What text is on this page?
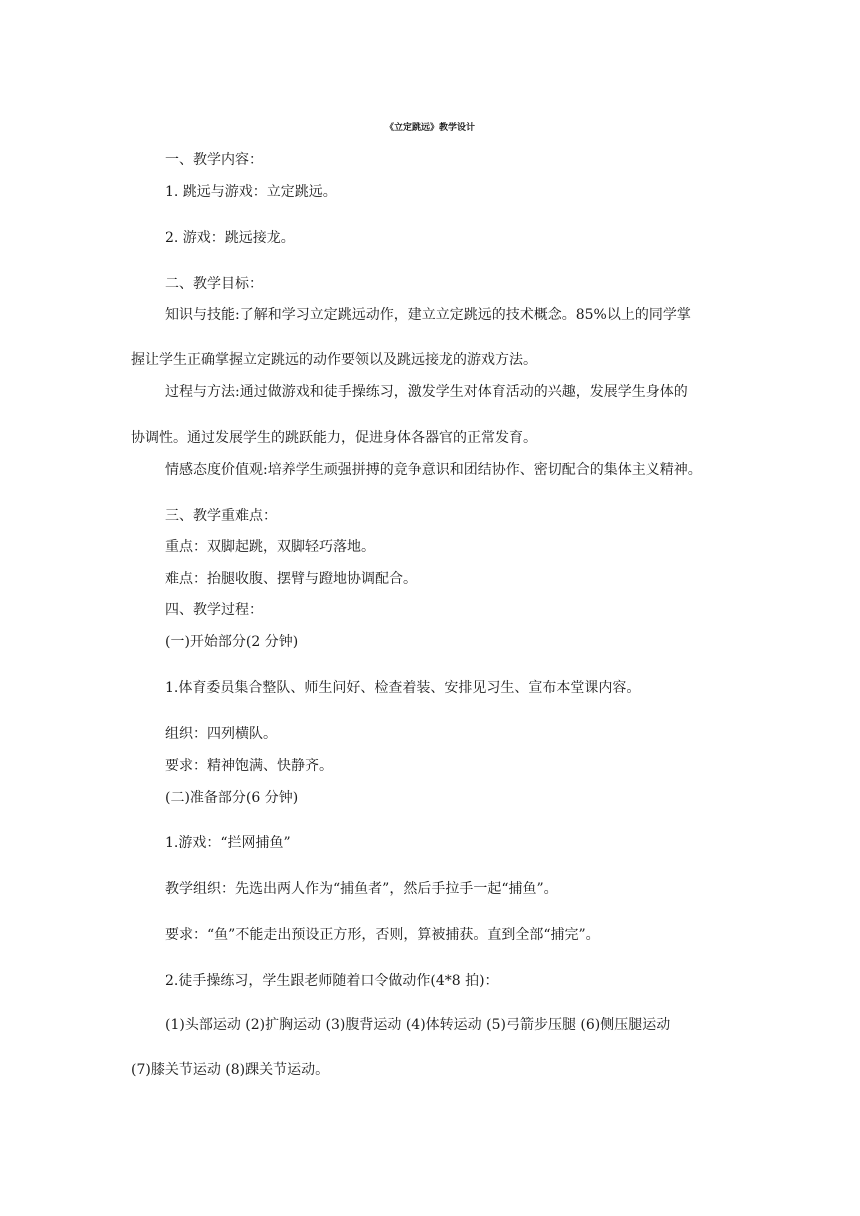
《立定跳远》教学设计
一、教学内容：
1. 跳远与游戏：立定跳远。
2. 游戏：跳远接龙。
二、教学目标：
知识与技能:了解和学习立定跳远动作，建立立定跳远的技术概念。85%以上的同学掌
握让学生正确掌握立定跳远的动作要领以及跳远接龙的游戏方法。
过程与方法:通过做游戏和徒手操练习，激发学生对体育活动的兴趣，发展学生身体的
协调性。通过发展学生的跳跃能力，促进身体各器官的正常发育。
情感态度价值观:培养学生顽强拼搏的竞争意识和团结协作、密切配合的集体主义精神。
三、教学重难点：
重点：双脚起跳，双脚轻巧落地。
难点：抬腿收腹、摆臂与蹬地协调配合。
四、教学过程：
(一)开始部分(2 分钟)
1.体育委员集合整队、师生问好、检查着装、安排见习生、宣布本堂课内容。
组织：四列横队。
要求：精神饱满、快静齐。
(二)准备部分(6 分钟)
1.游戏：“拦网捕鱼”
教学组织：先选出两人作为“捕鱼者”，然后手拉手一起“捕鱼”。
要求：“鱼”不能走出预设正方形，否则，算被捕获。直到全部“捕完”。
2.徒手操练习，学生跟老师随着口令做动作(4*8 拍)：
(1)头部运动 (2)扩胸运动 (3)腹背运动 (4)体转运动 (5)弓箭步压腿 (6)侧压腿运动
(7)膝关节运动 (8)踝关节运动。
